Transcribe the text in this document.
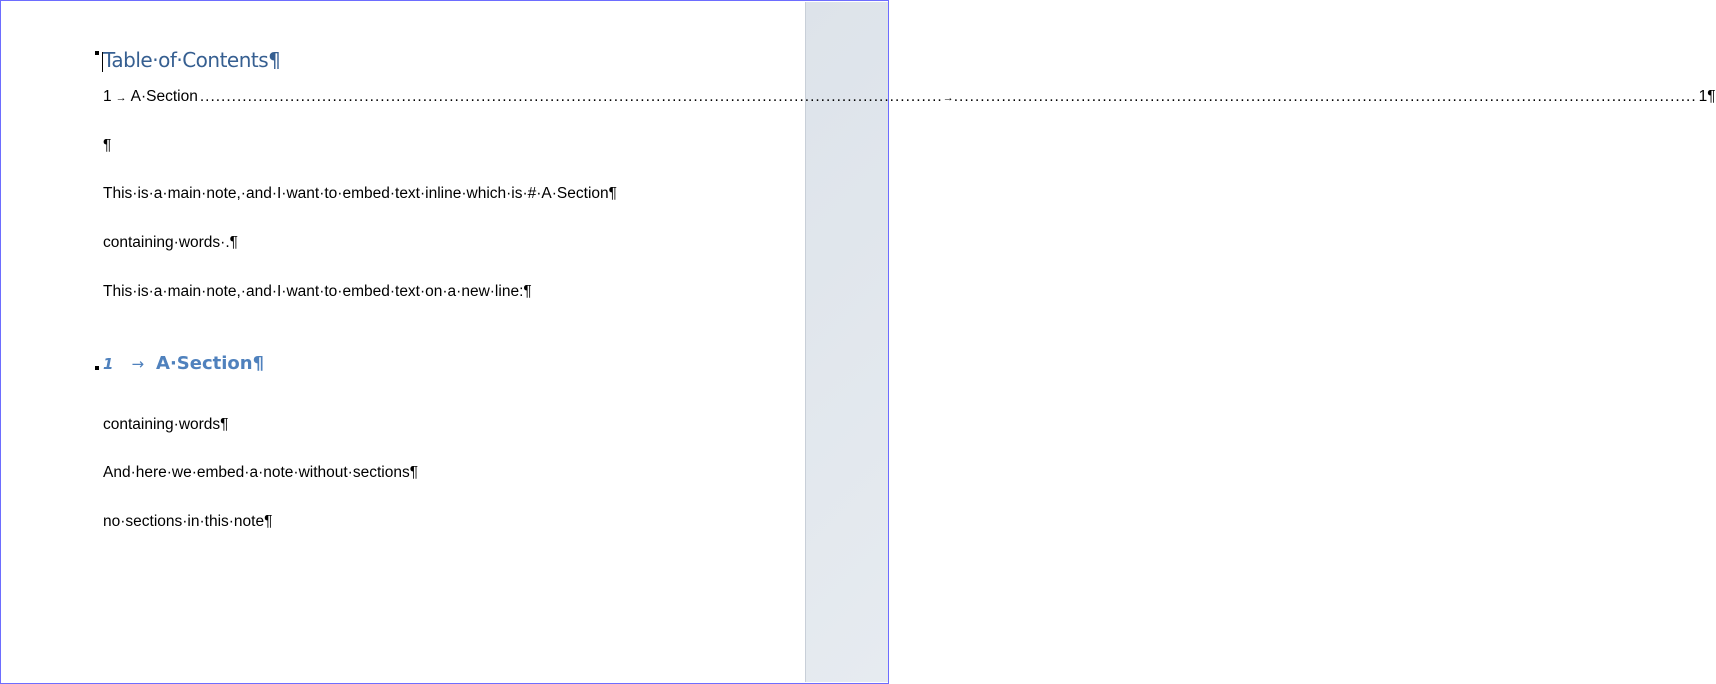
Table·of·Contents¶
1 → A·Section ............................................................................................................................................ → ............................................................................................................................................ 1¶
¶
This·is·a·main·note,·and·I·want·to·embed·text·inline·which·is·#·A·Section¶
containing·words·.¶
This·is·a·main·note,·and·I·want·to·embed·text·on·a·new·line:¶
1 → A·Section¶
containing·words¶
And·here·we·embed·a·note·without·sections¶
no·sections·in·this·note¶
